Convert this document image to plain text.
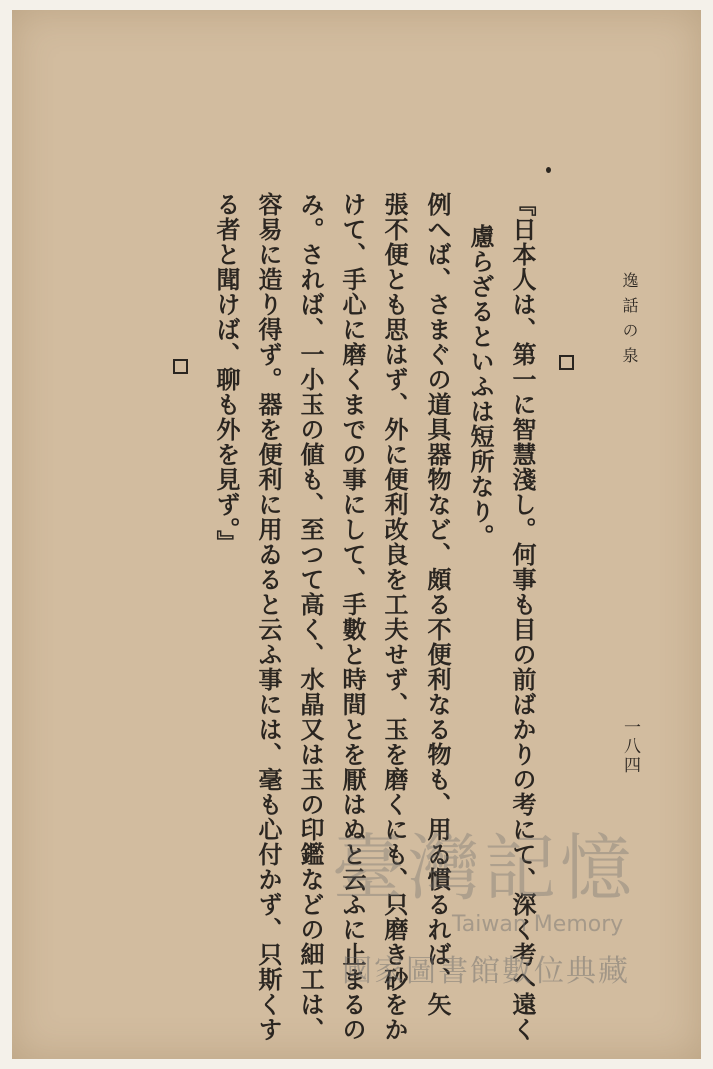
逸話の泉
一八四
『日本人は、第一に智慧淺し。何事も目の前ばかりの考にて、深く考へ遠く
慮らざるといふは短所なり。
例へば、さまぐの道具器物など、頗る不便利なる物も、用ゐ慣るれば、矢
張不便とも思はず、外に便利改良を工夫せず、玉を磨くにも、只磨き砂をか
けて、手心に磨くまでの事にして、手數と時間とを厭はぬと云ふに止まるの
み。されば、一小玉の値も、至つて高く、水晶又は玉の印鑑などの細工は、
容易に造り得ず。器を便利に用ゐると云ふ事には、毫も心付かず、只斯くす
る者と聞けば、聊も外を見ず。』
臺灣記憶
Taiwan Memory
國家圖書館數位典藏
